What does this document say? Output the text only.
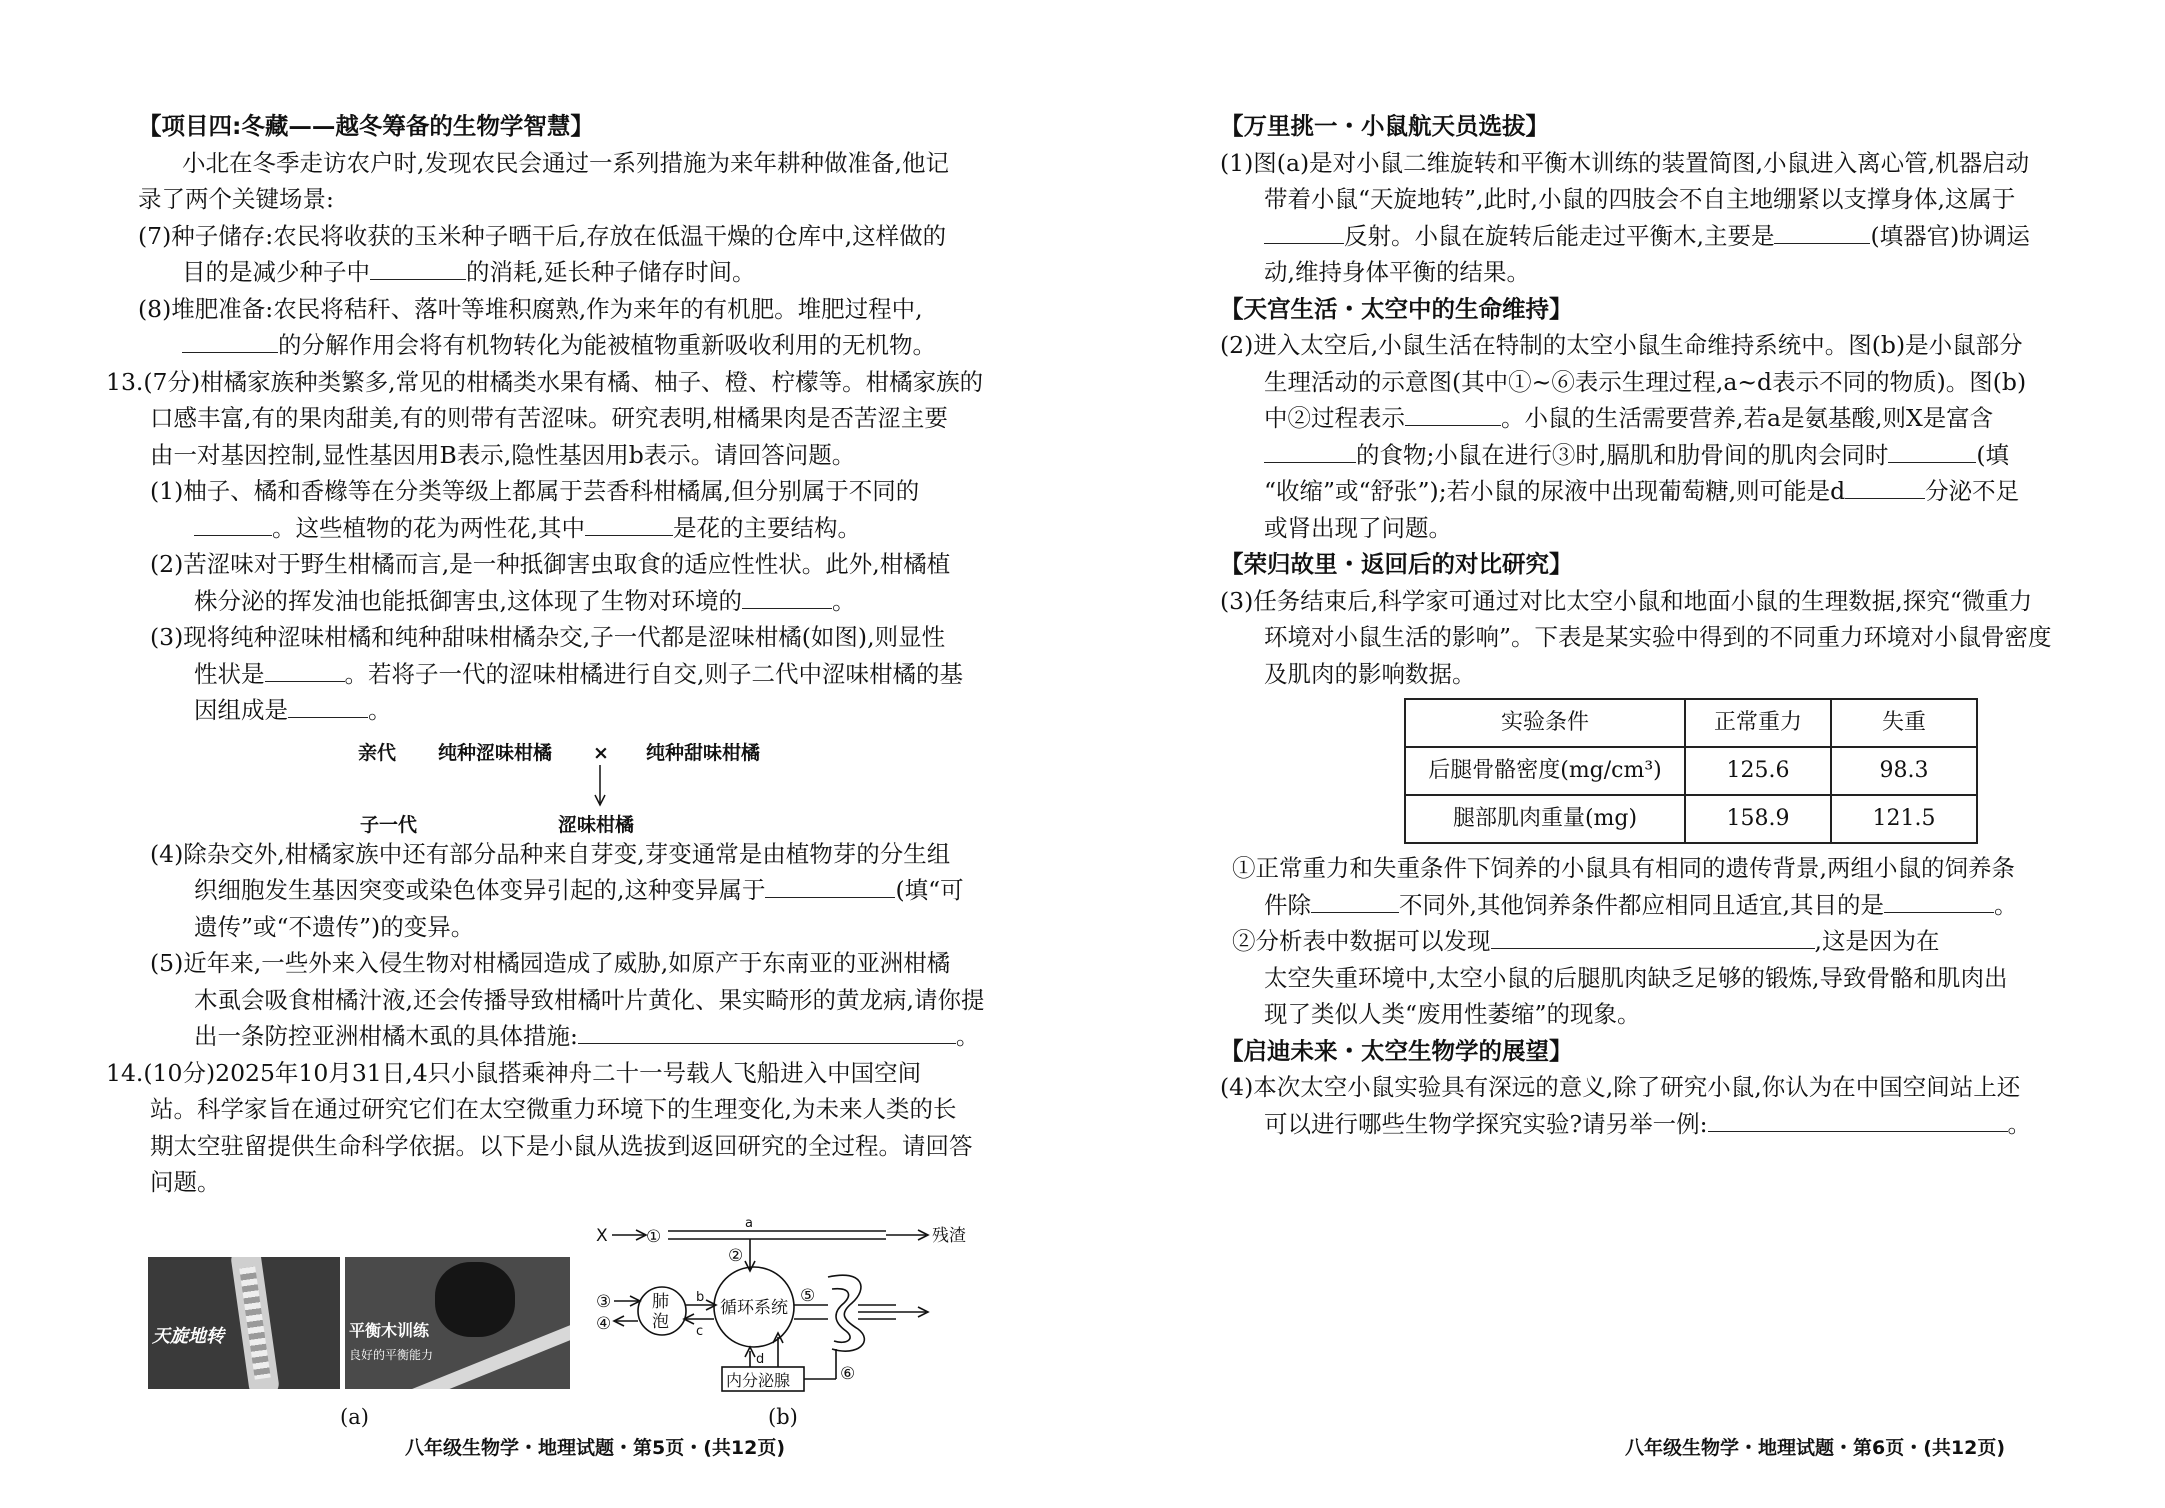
【项目四:冬藏——越冬筹备的生物学智慧】

小北在冬季走访农户时,发现农民会通过一系列措施为来年耕种做准备,他记

录了两个关键场景:

(7)种子储存:农民将收获的玉米种子晒干后,存放在低温干燥的仓库中,这样做的

目的是减少种子中	的消耗,延长种子储存时间。

(8)堆肥准备:农民将秸秆、落叶等堆积腐熟,作为来年的有机肥。堆肥过程中,

的分解作用会将有机物转化为能被植物重新吸收利用的无机物。

13.(7分)柑橘家族种类繁多,常见的柑橘类水果有橘、柚子、橙、柠檬等。柑橘家族的

口感丰富,有的果肉甜美,有的则带有苦涩味。研究表明,柑橘果肉是否苦涩主要

由一对基因控制,显性基因用B表示,隐性基因用b表示。请回答问题。

(1)柚子、橘和香橼等在分类等级上都属于芸香科柑橘属,但分别属于不同的

。这些植物的花为两性花,其中	是花的主要结构。

(2)苦涩味对于野生柑橘而言,是一种抵御害虫取食的适应性性状。此外,柑橘植

株分泌的挥发油也能抵御害虫,这体现了生物对环境的	。

(3)现将纯种涩味柑橘和纯种甜味柑橘杂交,子一代都是涩味柑橘(如图),则显性

性状是	。若将子一代的涩味柑橘进行自交,则子二代中涩味柑橘的基

因组成是	。

亲代 纯种涩味柑橘 × 纯种甜味柑橘
子一代	涩味柑橘

(4)除杂交外,柑橘家族中还有部分品种来自芽变,芽变通常是由植物芽的分生组

织细胞发生基因突变或染色体变异引起的,这种变异属于	(填“可

遗传”或“不遗传”)的变异。

(5)近年来,一些外来入侵生物对柑橘园造成了威胁,如原产于东南亚的亚洲柑橘

木虱会吸食柑橘汁液,还会传播导致柑橘叶片黄化、果实畸形的黄龙病,请你提

出一条防控亚洲柑橘木虱的具体措施:	。

14.(10分)2025年10月31日,4只小鼠搭乘神舟二十一号载人飞船进入中国空间

站。科学家旨在通过研究它们在太空微重力环境下的生理变化,为未来人类的长

期太空驻留提供生命科学依据。以下是小鼠从选拔到返回研究的全过程。请回答

问题。

天旋地转	平衡木训练
良好的平衡能力
(a)
X ①
a
残渣
②
③
④
肺
泡
b
c
循环系统
⑤
d
内分泌腺	⑥
(b)
八年级生物学・地理试题・第5页・(共12页)

【万里挑一・小鼠航天员选拔】

(1)图(a)是对小鼠二维旋转和平衡木训练的装置简图,小鼠进入离心管,机器启动

带着小鼠“天旋地转”,此时,小鼠的四肢会不自主地绷紧以支撑身体,这属于

反射。小鼠在旋转后能走过平衡木,主要是	(填器官)协调运

动,维持身体平衡的结果。

【天宫生活・太空中的生命维持】

(2)进入太空后,小鼠生活在特制的太空小鼠生命维持系统中。图(b)是小鼠部分

生理活动的示意图(其中①~⑥表示生理过程,a~d表示不同的物质)。图(b)

中②过程表示	。小鼠的生活需要营养,若a是氨基酸,则X是富含

的食物;小鼠在进行③时,膈肌和肋骨间的肌肉会同时	(填

“收缩”或“舒张”);若小鼠的尿液中出现葡萄糖,则可能是d	分泌不足

或肾出现了问题。

【荣归故里・返回后的对比研究】

(3)任务结束后,科学家可通过对比太空小鼠和地面小鼠的生理数据,探究“微重力

环境对小鼠生活的影响”。下表是某实验中得到的不同重力环境对小鼠骨密度

及肌肉的影响数据。

实验条件	正常重力	失重
后腿骨骼密度(mg/cm³)	125.6	98.3
腿部肌肉重量(mg)	158.9	121.5

①正常重力和失重条件下饲养的小鼠具有相同的遗传背景,两组小鼠的饲养条

件除	不同外,其他饲养条件都应相同且适宜,其目的是	。

②分析表中数据可以发现	,这是因为在

太空失重环境中,太空小鼠的后腿肌肉缺乏足够的锻炼,导致骨骼和肌肉出

现了类似人类“废用性萎缩”的现象。

【启迪未来・太空生物学的展望】

(4)本次太空小鼠实验具有深远的意义,除了研究小鼠,你认为在中国空间站上还

可以进行哪些生物学探究实验?请另举一例:	。

八年级生物学・地理试题・第6页・(共12页)
